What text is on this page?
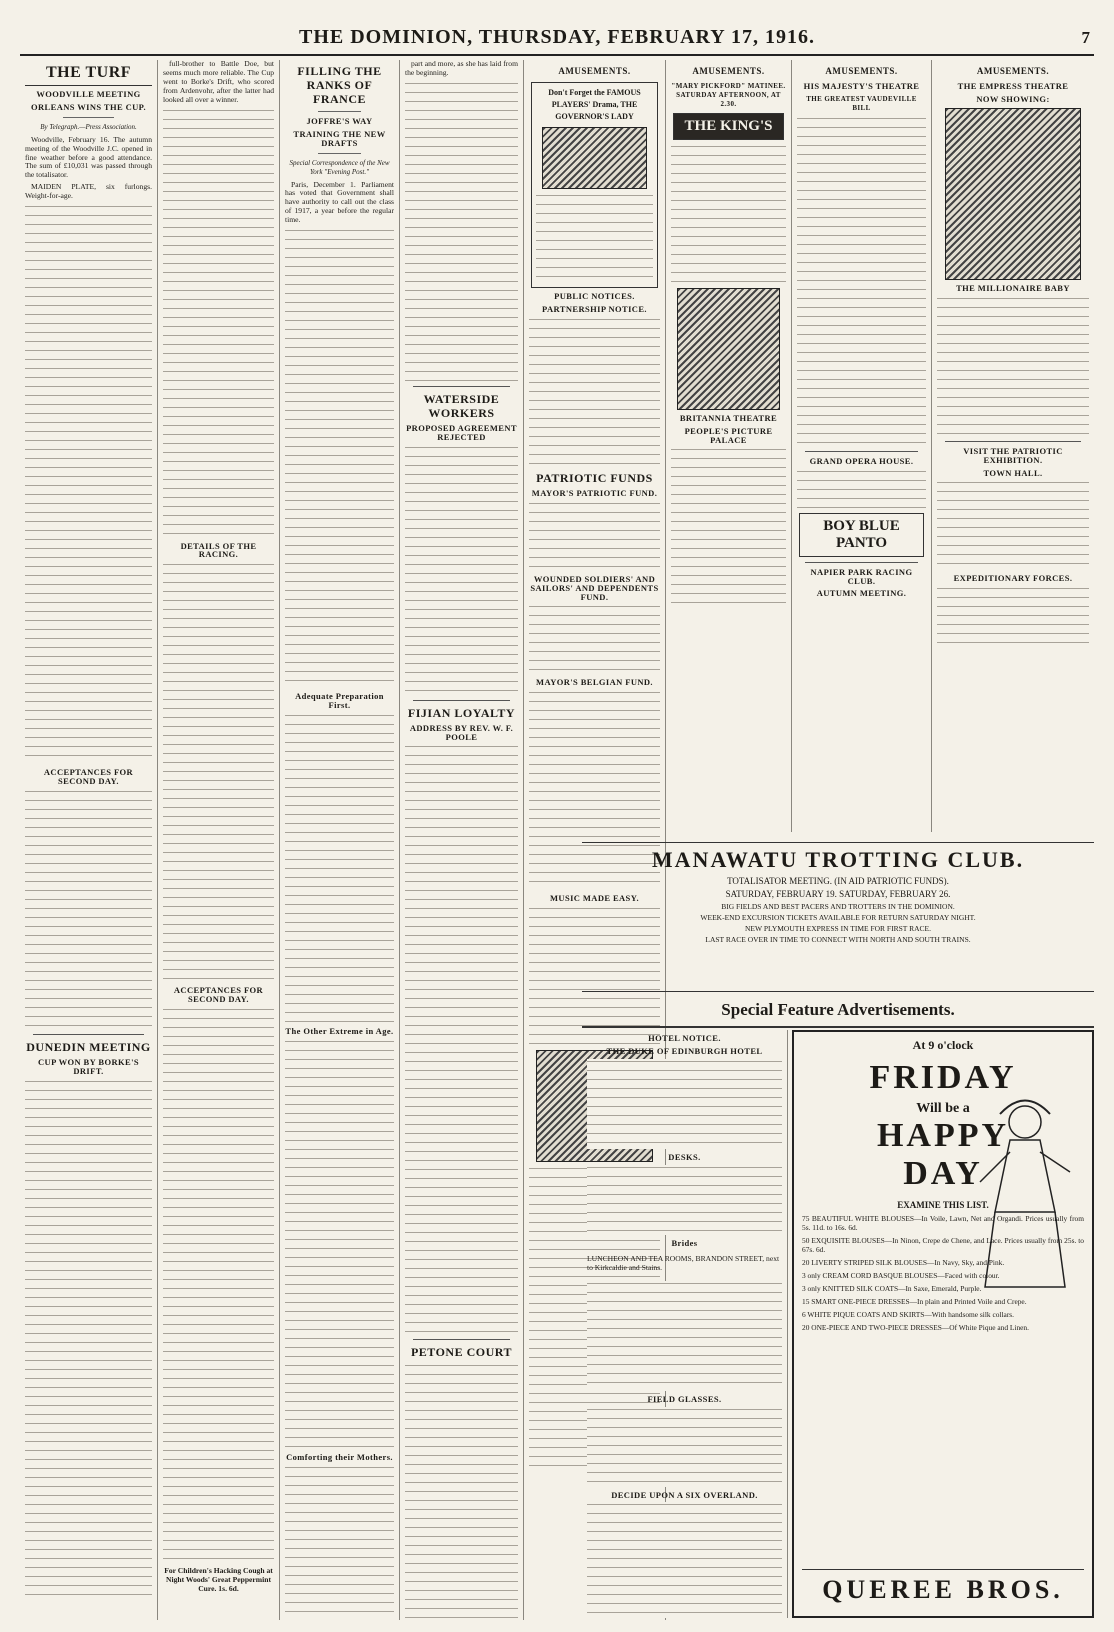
THE DOMINION, THURSDAY, FEBRUARY 17, 1916.	7
THE TURF
WOODVILLE MEETING
ORLEANS WINS THE CUP.
By Telegraph.—Press Association.

Woodville, February 16. The autumn meeting of the Woodville J.C. opened in fine weather before a good attendance. The sum of £10,031 was passed through the totalisator.

MAIDEN PLATE, six furlongs. Weight-for-age.

ACCEPTANCES FOR SECOND DAY.
DUNEDIN MEETING
CUP WON BY BORKE'S DRIFT.

full-brother to Battle Doe, but seems much more reliable. The Cup went to Borke's Drift, who scored from Ardenvohr, after the latter had looked all over a winner.

DETAILS OF THE RACING.
ACCEPTANCES FOR SECOND DAY.

For Children's Hacking Cough at Night Woods' Great Peppermint Cure. 1s. 6d.

FILLING THE RANKS OF FRANCE
JOFFRE'S WAY
TRAINING THE NEW DRAFTS
Special Correspondence of the New York "Evening Post."

Paris, December 1. Parliament has voted that Government shall have authority to call out the class of 1917, a year before the regular time.

Adequate Preparation First.
The Other Extreme in Age.
Comforting their Mothers.

part and more, as she has laid from the beginning.

WATERSIDE WORKERS
PROPOSED AGREEMENT REJECTED
FIJIAN LOYALTY
ADDRESS BY REV. W. F. POOLE
PETONE COURT
AMUSEMENTS.
Don't Forget the FAMOUS PLAYERS' Drama, THE GOVERNOR'S LADY
PUBLIC NOTICES.
PARTNERSHIP NOTICE.
PATRIOTIC FUNDS
MAYOR'S PATRIOTIC FUND.
WOUNDED SOLDIERS' AND SAILORS' AND DEPENDENTS FUND.
MAYOR'S BELGIAN FUND.
MUSIC MADE EASY.
AMUSEMENTS.
"MARY PICKFORD" MATINEE. SATURDAY AFTERNOON, AT 2.30.
THE KING'S
BRITANNIA THEATRE
PEOPLE'S PICTURE PALACE
AMUSEMENTS.
HIS MAJESTY'S THEATRE
THE GREATEST VAUDEVILLE BILL
GRAND OPERA HOUSE.
BOY BLUE PANTO
NAPIER PARK RACING CLUB.
AUTUMN MEETING.
AMUSEMENTS.
THE EMPRESS THEATRE
NOW SHOWING:
THE MILLIONAIRE BABY
VISIT THE PATRIOTIC EXHIBITION.
TOWN HALL.
EXPEDITIONARY FORCES.
MANAWATU TROTTING CLUB.
TOTALISATOR MEETING. (IN AID PATRIOTIC FUNDS).
SATURDAY, FEBRUARY 19. SATURDAY, FEBRUARY 26.
BIG FIELDS AND BEST PACERS AND TROTTERS IN THE DOMINION.
WEEK-END EXCURSION TICKETS AVAILABLE FOR RETURN SATURDAY NIGHT.
NEW PLYMOUTH EXPRESS IN TIME FOR FIRST RACE.
LAST RACE OVER IN TIME TO CONNECT WITH NORTH AND SOUTH TRAINS.
Special Feature Advertisements.
HOTEL NOTICE.
THE DUKE OF EDINBURGH HOTEL
DESKS.
Brides

LUNCHEON AND TEA ROOMS, BRANDON STREET, next to Kirkcaldie and Stains.

FIELD GLASSES.
DECIDE UPON A SIX OVERLAND.
At 9 o'clock
FRIDAY
Will be a
HAPPY
DAY
EXAMINE THIS LIST.
75 BEAUTIFUL WHITE BLOUSES—In Voile, Lawn, Net and Organdi. Prices usually from 5s. 11d. to 16s. 6d.
50 EXQUISITE BLOUSES—In Ninon, Crepe de Chene, and Lace. Prices usually from 25s. to 67s. 6d.
20 LIVERTY STRIPED SILK BLOUSES—In Navy, Sky, and Pink.
3 only CREAM CORD BASQUE BLOUSES—Faced with colour.
3 only KNITTED SILK COATS—In Saxe, Emerald, Purple.
15 SMART ONE-PIECE DRESSES—In plain and Printed Voile and Crepe.
6 WHITE PIQUE COATS AND SKIRTS—With handsome silk collars.
20 ONE-PIECE AND TWO-PIECE DRESSES—Of White Pique and Linen.
QUEREE BROS.
